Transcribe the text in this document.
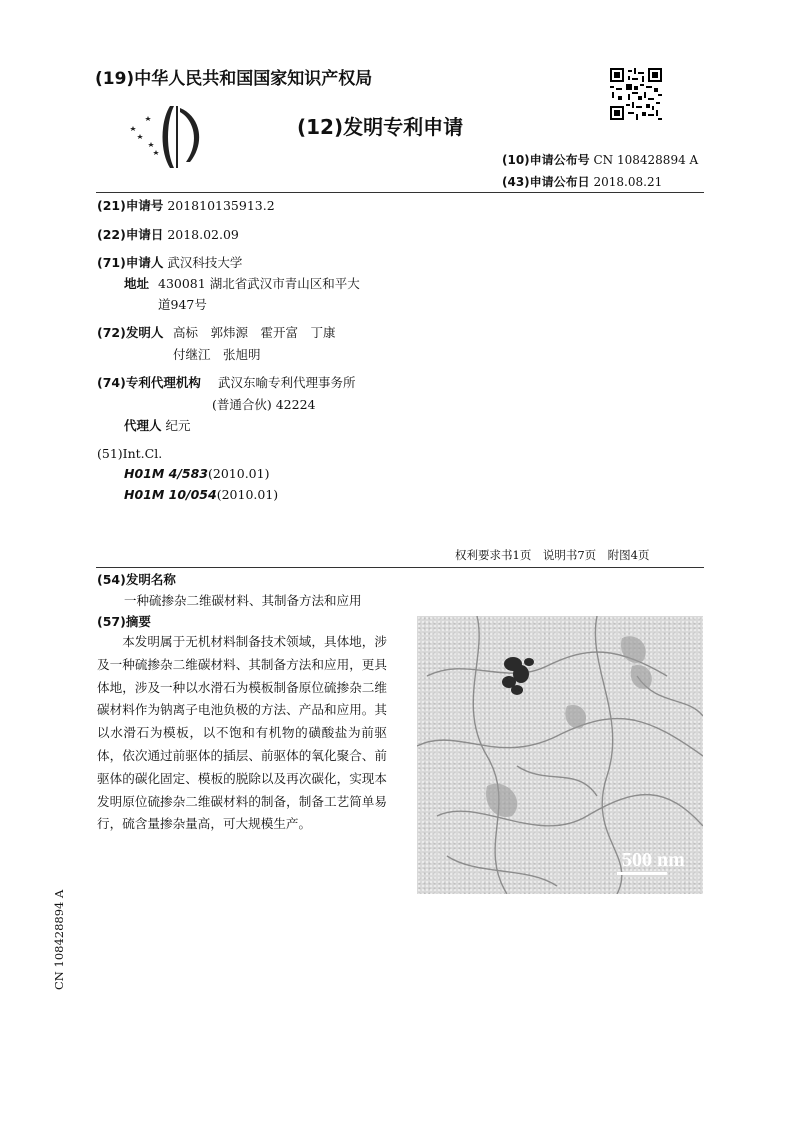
(19)中华人民共和国国家知识产权局
(12)发明专利申请
(10)申请公布号 CN 108428894 A
(43)申请公布日 2018.08.21
(21)申请号 201810135913.2
(22)申请日 2018.02.09
(71)申请人 武汉科技大学
地址 430081 湖北省武汉市青山区和平大
道947号
(72)发明人 高标　郭炜源　霍开富　丁康
付继江　张旭明
(74)专利代理机构 武汉东喻专利代理事务所
(普通合伙) 42224
代理人 纪元
(51)Int.Cl.
H01M 4/583(2010.01)
H01M 10/054(2010.01)
权利要求书1页　说明书7页　附图4页
(54)发明名称
一种硫掺杂二维碳材料、其制备方法和应用
(57)摘要
本发明属于无机材料制备技术领域，具体地，涉及一种硫掺杂二维碳材料、其制备方法和应用，更具体地，涉及一种以水滑石为模板制备原位硫掺杂二维碳材料作为钠离子电池负极的方法、产品和应用。其以水滑石为模板，以不饱和有机物的磺酸盐为前驱体，依次通过前驱体的插层、前驱体的氧化聚合、前驱体的碳化固定、模板的脱除以及再次碳化，实现本发明原位硫掺杂二维碳材料的制备，制备工艺简单易行，硫含量掺杂量高，可大规模生产。
500 nm
CN 108428894 A
